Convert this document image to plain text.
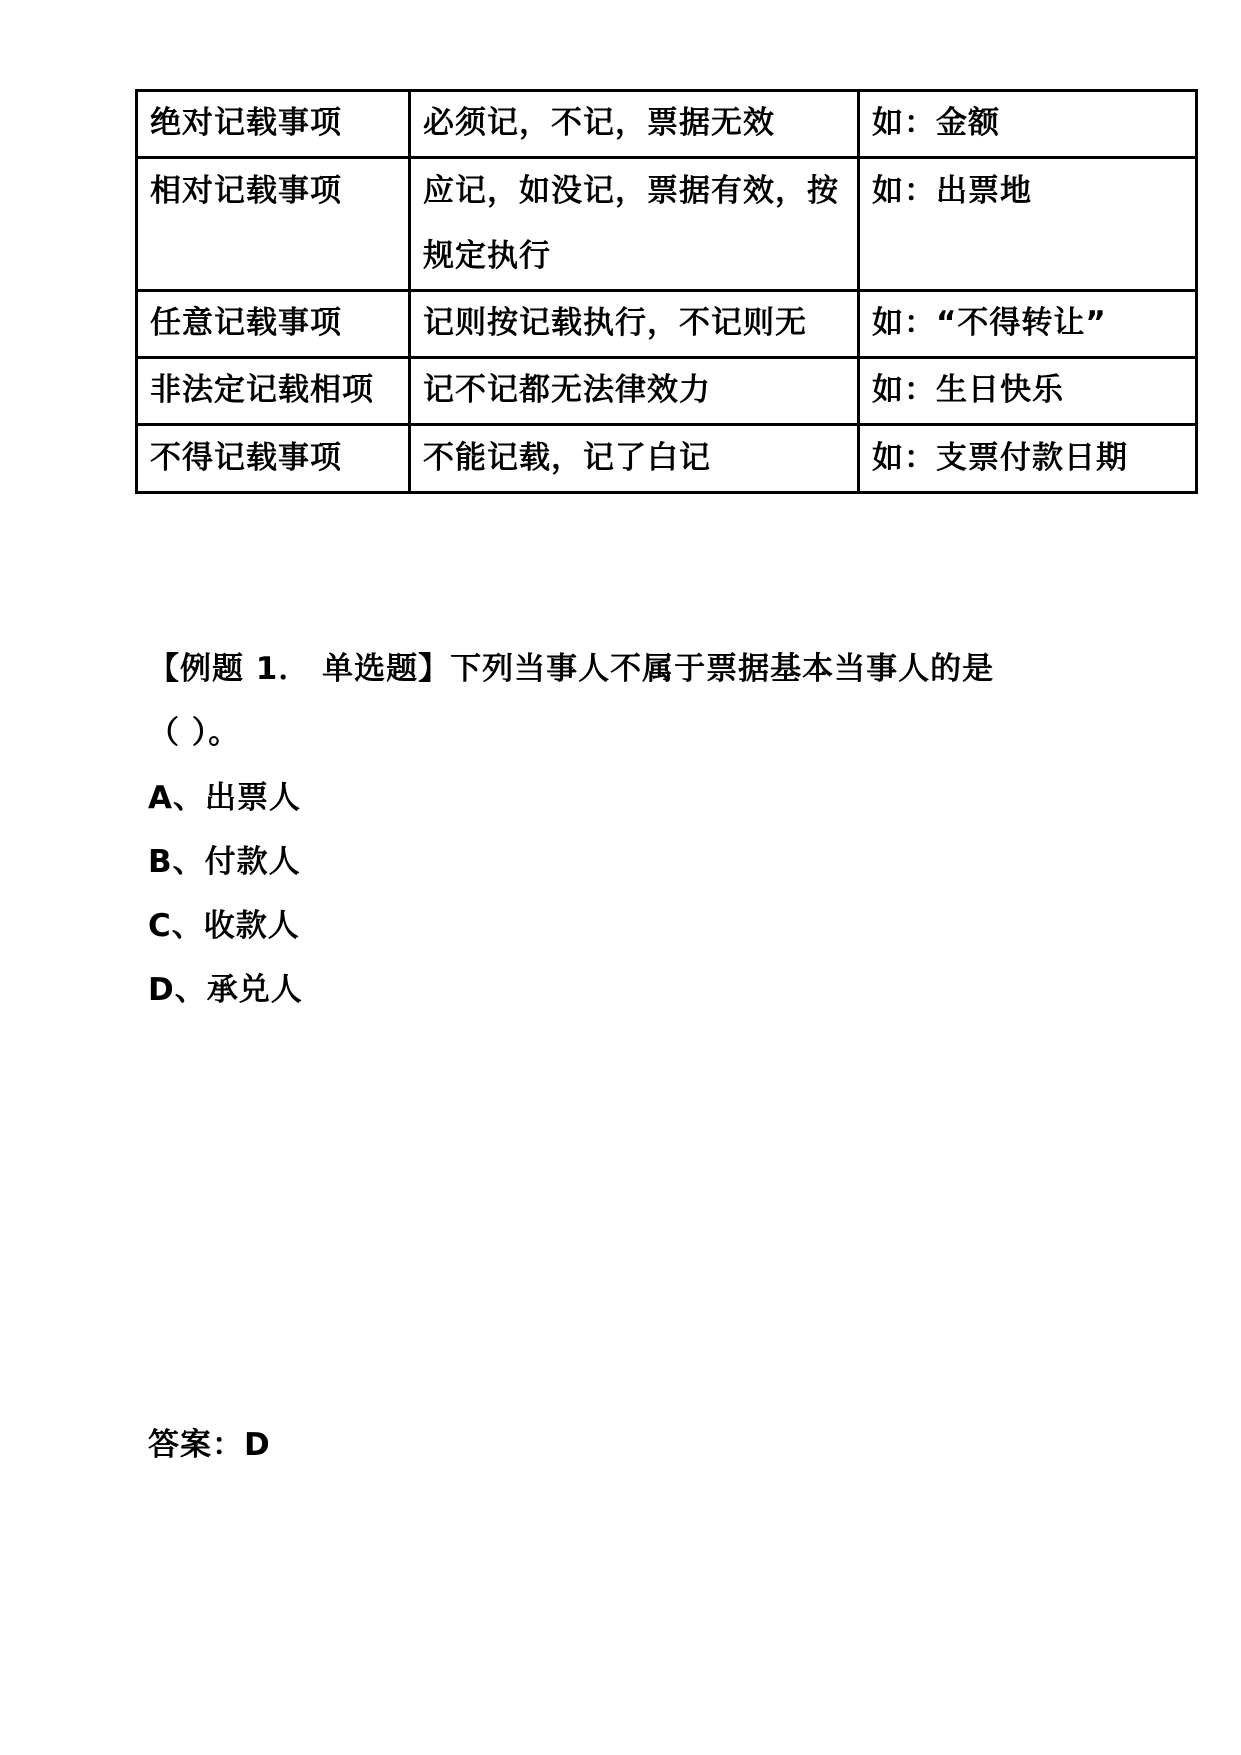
绝对记载事项	必须记，不记，票据无效	如：金额
相对记载事项	应记，如没记，票据有效，按规定执行	如：出票地
任意记载事项	记则按记载执行，不记则无	如：“不得转让”
非法定记载相项	记不记都无法律效力	如：生日快乐
不得记载事项	不能记载，记了白记	如：支票付款日期
【例题 1． 单选题】下列当事人不属于票据基本当事人的是
（ ）。
A、出票人
B、付款人
C、收款人
D、承兑人
答案：D
